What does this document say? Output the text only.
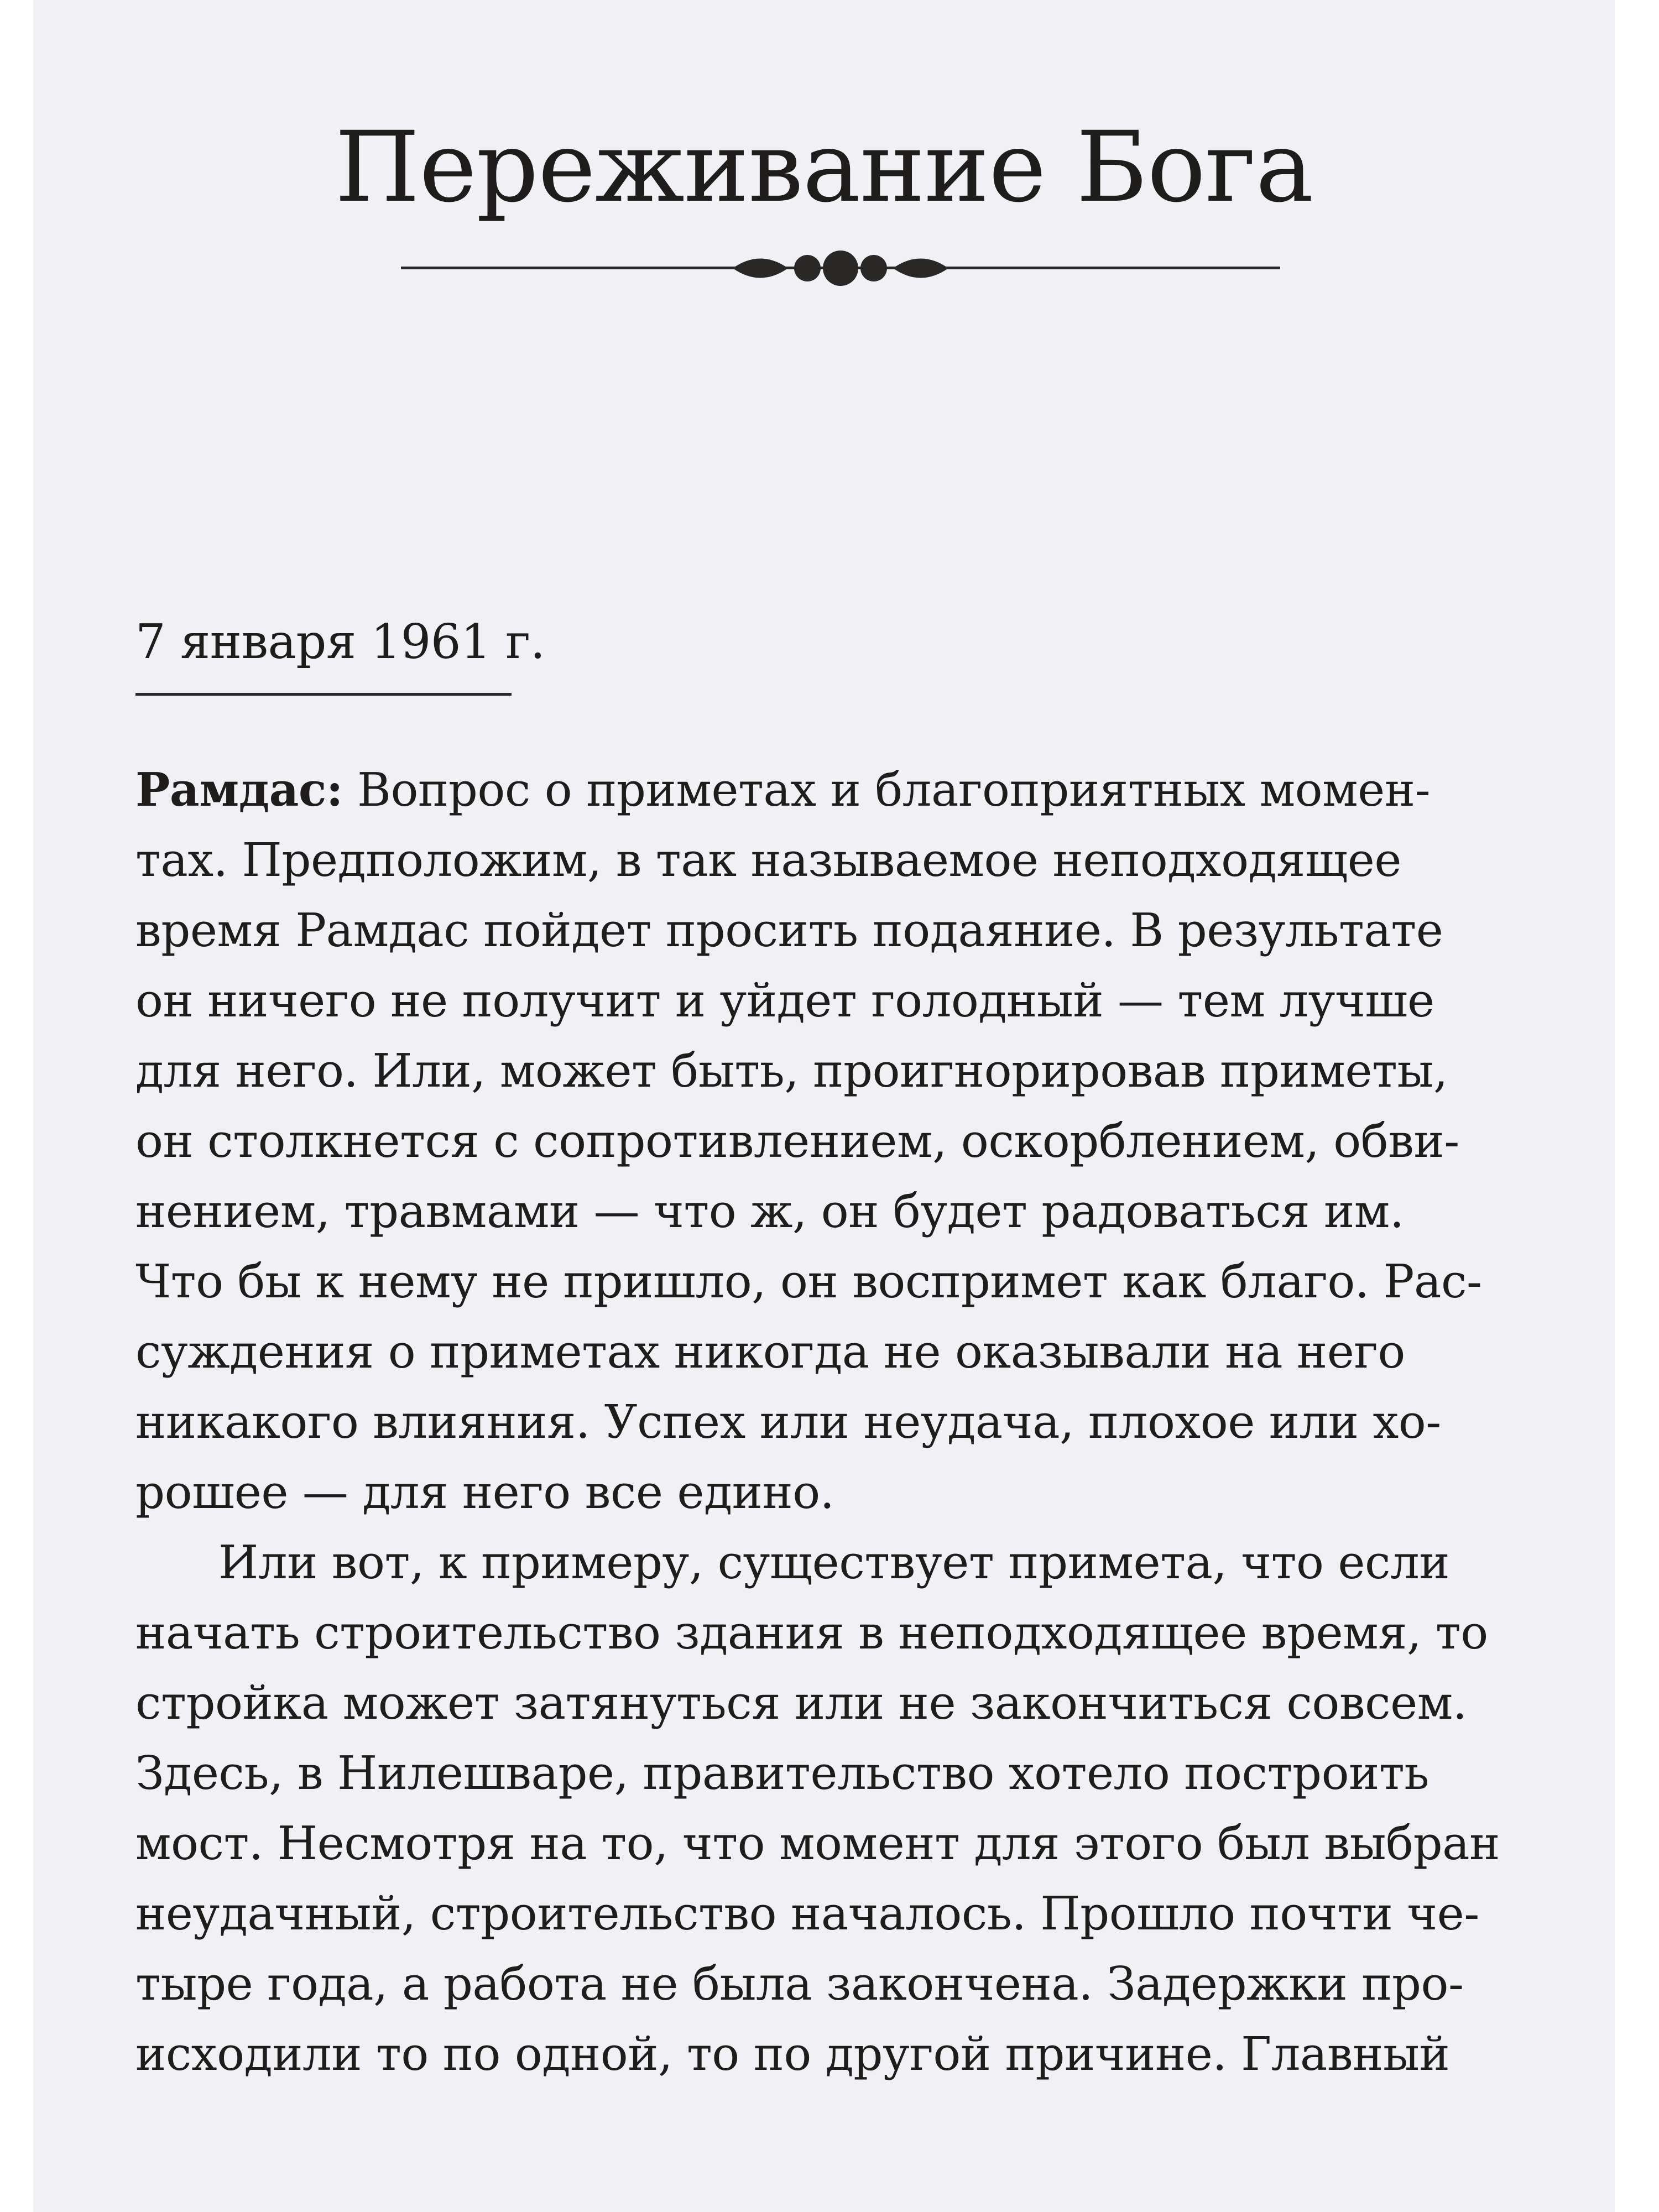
Переживание Бога

7 января 1961 г.

Рамдас: Вопрос о приметах и благоприятных момен-
тах. Предположим, в так называемое неподходящее
время Рамдас пойдет просить подаяние. В результате
он ничего не получит и уйдет голодный — тем лучше
для него. Или, может быть, проигнорировав приметы,
он столкнется с сопротивлением, оскорблением, обви-
нением, травмами — что ж, он будет радоваться им.
Что бы к нему не пришло, он воспримет как благо. Рас-
суждения о приметах никогда не оказывали на него
никакого влияния. Успех или неудача, плохое или хо-
рошее — для него все едино.
Или вот, к примеру, существует примета, что если
начать строительство здания в неподходящее время, то
стройка может затянуться или не закончиться совсем.
Здесь, в Нилешваре, правительство хотело построить
мост. Несмотря на то, что момент для этого был выбран
неудачный, строительство началось. Прошло почти че-
тыре года, а работа не была закончена. Задержки про-
исходили то по одной, то по другой причине. Главный
